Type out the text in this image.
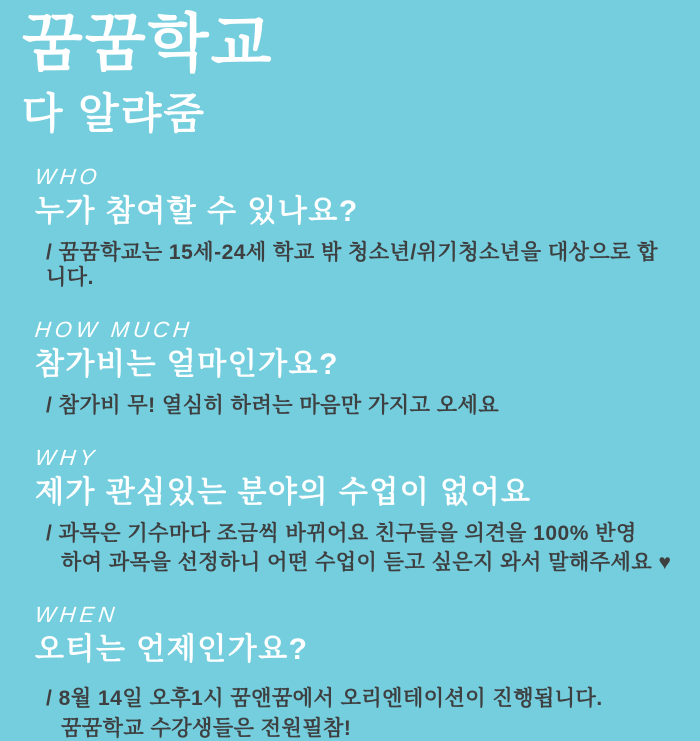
꿈꿈학교
다 알랴줌
WHO
누가 참여할 수 있나요?
/ 꿈꿈학교는 15세-24세 학교 밖 청소년/위기청소년을 대상으로 합니다.
HOW MUCH
참가비는 얼마인가요?
/ 참가비 무! 열심히 하려는 마음만 가지고 오세요
WHY
제가 관심있는 분야의 수업이 없어요
/ 과목은 기수마다 조금씩 바뀌어요 친구들을 의견을 100% 반영
하여 과목을 선정하니 어떤 수업이 듣고 싶은지 와서 말해주세요 ♥
WHEN
오티는 언제인가요?
/ 8월 14일 오후1시 꿈앤꿈에서 오리엔테이션이 진행됩니다.
꿈꿈학교 수강생들은 전원필참!
